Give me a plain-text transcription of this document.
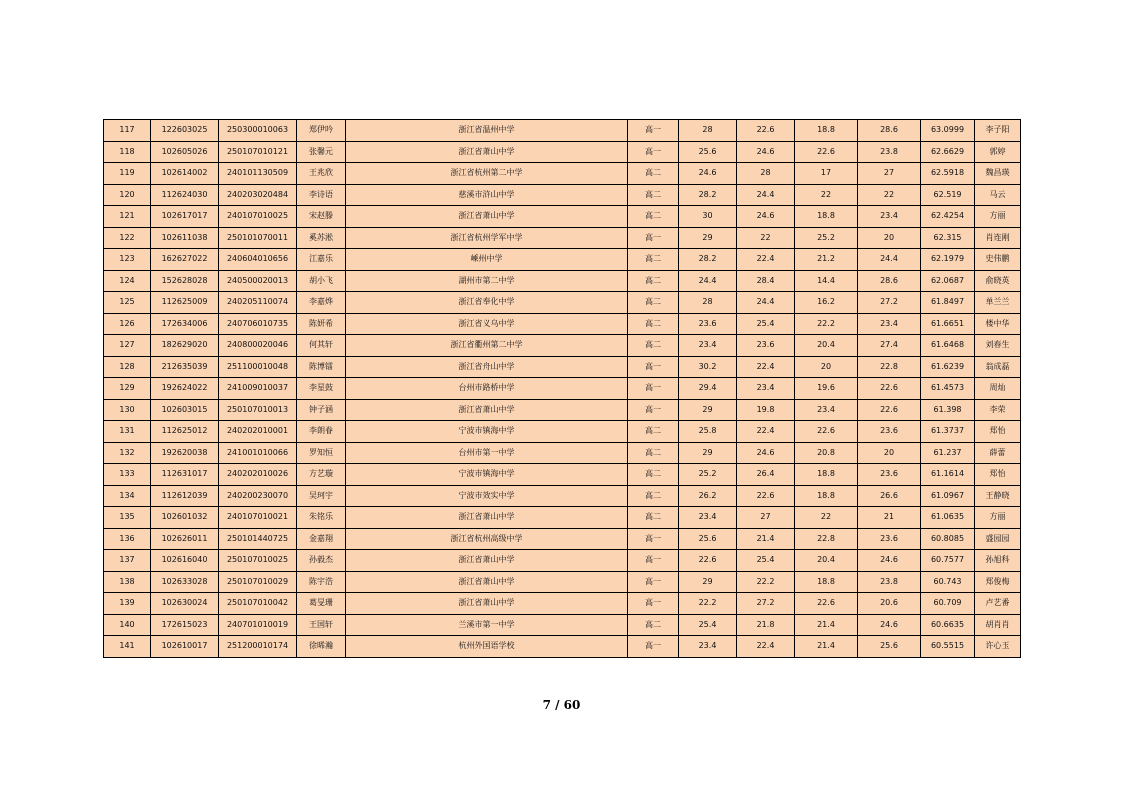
117	122603025	250300010063	郑伊吟	浙江省温州中学	高一	28	22.6	18.8	28.6	63.0999	李子阳
118	102605026	250107010121	张馨元	浙江省萧山中学	高一	25.6	24.6	22.6	23.8	62.6629	郭婷
119	102614002	240101130509	王兆欣	浙江省杭州第二中学	高二	24.6	28	17	27	62.5918	魏昌瑛
120	112624030	240203020484	李诗语	慈溪市浒山中学	高二	28.2	24.4	22	22	62.519	马云
121	102617017	240107010025	宋赵滕	浙江省萧山中学	高二	30	24.6	18.8	23.4	62.4254	方丽
122	102611038	250101070011	奚苏淞	浙江省杭州学军中学	高一	29	22	25.2	20	62.315	肖连刚
123	162627022	240604010656	江嘉乐	嵊州中学	高二	28.2	22.4	21.2	24.4	62.1979	史伟鹏
124	152628028	240500020013	胡小飞	湖州市第二中学	高二	24.4	28.4	14.4	28.6	62.0687	俞晓英
125	112625009	240205110074	李嘉烨	浙江省奉化中学	高二	28	24.4	16.2	27.2	61.8497	单兰兰
126	172634006	240706010735	陈妍希	浙江省义乌中学	高二	23.6	25.4	22.2	23.4	61.6651	楼中华
127	182629020	240800020046	何其轩	浙江省衢州第二中学	高二	23.4	23.6	20.4	27.4	61.6468	刘春生
128	212635039	251100010048	陈博镭	浙江省舟山中学	高一	30.2	22.4	20	22.8	61.6239	翁成磊
129	192624022	241009010037	李星鼓	台州市路桥中学	高一	29.4	23.4	19.6	22.6	61.4573	周灿
130	102603015	250107010013	钟子涵	浙江省萧山中学	高一	29	19.8	23.4	22.6	61.398	李荣
131	112625012	240202010001	李朗眷	宁波市镇海中学	高二	25.8	22.4	22.6	23.6	61.3737	郑怡
132	192620038	241001010066	罗知恒	台州市第一中学	高二	29	24.6	20.8	20	61.237	薛蕾
133	112631017	240202010026	方艺璇	宁波市镇海中学	高二	25.2	26.4	18.8	23.6	61.1614	郑怡
134	112612039	240200230070	吴珂宇	宁波市效实中学	高二	26.2	22.6	18.8	26.6	61.0967	王静晓
135	102601032	240107010021	朱铭乐	浙江省萧山中学	高二	23.4	27	22	21	61.0635	方丽
136	102626011	250101440725	金嘉翔	浙江省杭州高级中学	高一	25.6	21.4	22.8	23.6	60.8085	盛园园
137	102616040	250107010025	孙毅杰	浙江省萧山中学	高一	22.6	25.4	20.4	24.6	60.7577	孙旭科
138	102633028	250107010029	陈宇浩	浙江省萧山中学	高一	29	22.2	18.8	23.8	60.743	郑俊梅
139	102630024	250107010042	葛旻珊	浙江省萧山中学	高一	22.2	27.2	22.6	20.6	60.709	卢艺番
140	172615023	240701010019	王国轩	兰溪市第一中学	高二	25.4	21.8	21.4	24.6	60.6635	胡肖肖
141	102610017	251200010174	徐晞瀚	杭州外国语学校	高一	23.4	22.4	21.4	25.6	60.5515	许心玉
7 / 60
